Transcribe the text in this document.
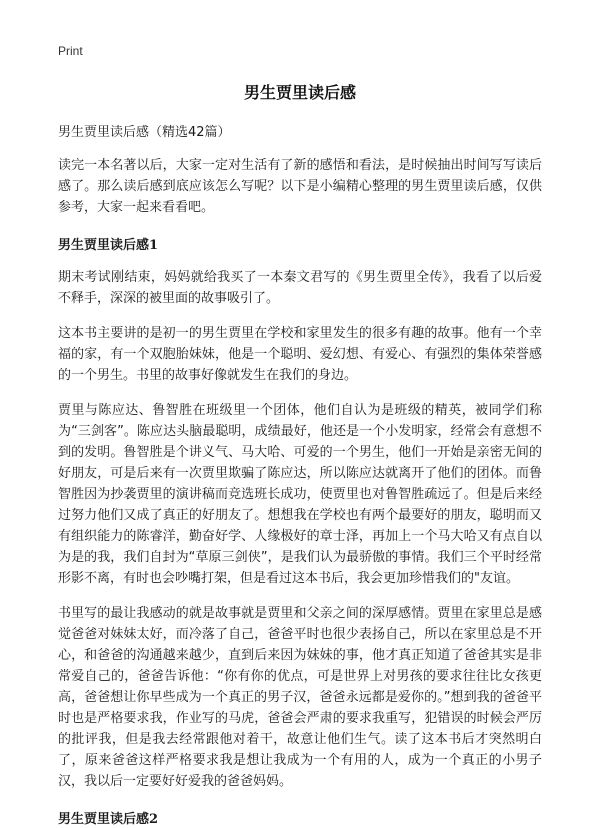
Print
男生贾里读后感

男生贾里读后感（精选42篇）

读完一本名著以后，大家一定对生活有了新的感悟和看法，是时候抽出时间写写读后感了。那么读后感到底应该怎么写呢？以下是小编精心整理的男生贾里读后感，仅供参考，大家一起来看看吧。

男生贾里读后感1

期末考试刚结束，妈妈就给我买了一本秦文君写的《男生贾里全传》，我看了以后爱不释手，深深的被里面的故事吸引了。

这本书主要讲的是初一的男生贾里在学校和家里发生的很多有趣的故事。他有一个幸福的家，有一个双胞胎妹妹，他是一个聪明、爱幻想、有爱心、有强烈的集体荣誉感的一个男生。书里的故事好像就发生在我们的身边。

贾里与陈应达、鲁智胜在班级里一个团体，他们自认为是班级的精英，被同学们称为“三剑客”。陈应达头脑最聪明，成绩最好，他还是一个小发明家，经常会有意想不到的发明。鲁智胜是个讲义气、马大哈、可爱的一个男生，他们一开始是亲密无间的好朋友，可是后来有一次贾里欺骗了陈应达，所以陈应达就离开了他们的团体。而鲁智胜因为抄袭贾里的演讲稿而竞选班长成功，使贾里也对鲁智胜疏远了。但是后来经过努力他们又成了真正的好朋友了。想想我在学校也有两个最要好的朋友，聪明而又有组织能力的陈睿洋，勤奋好学、人缘极好的章士泽，再加上一个马大哈又有点自以为是的我，我们自封为“草原三剑侠”，是我们认为最骄傲的事情。我们三个平时经常形影不离，有时也会吵嘴打架，但是看过这本书后，我会更加珍惜我们的"友谊。

书里写的最让我感动的就是故事就是贾里和父亲之间的深厚感情。贾里在家里总是感觉爸爸对妹妹太好，而冷落了自己，爸爸平时也很少表扬自己，所以在家里总是不开心，和爸爸的沟通越来越少，直到后来因为妹妹的事，他才真正知道了爸爸其实是非常爱自己的，爸爸告诉他：“你有你的优点，可是世界上对男孩的要求往往比女孩更高，爸爸想让你早些成为一个真正的男子汉，爸爸永远都是爱你的。”想到我的爸爸平时也是严格要求我，作业写的马虎，爸爸会严肃的要求我重写，犯错误的时候会严厉的批评我，但是我去经常跟他对着干，故意让他们生气。读了这本书后才突然明白了，原来爸爸这样严格要求我是想让我成为一个有用的人，成为一个真正的小男子汉，我以后一定要好好爱我的爸爸妈妈。

男生贾里读后感2
